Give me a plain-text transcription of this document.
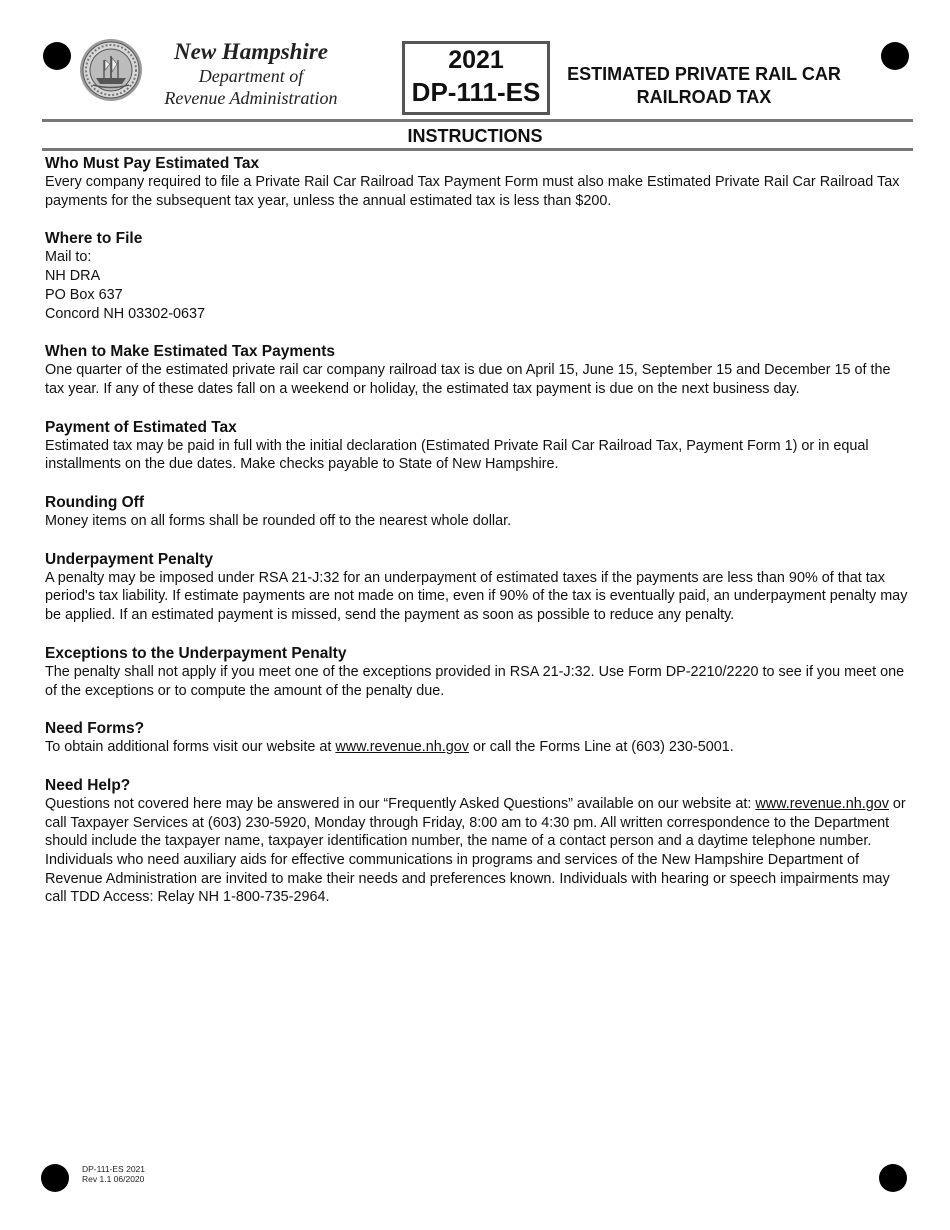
New Hampshire
Department of
Revenue Administration
2021
DP-111-ES
ESTIMATED PRIVATE RAIL CAR
RAILROAD TAX
INSTRUCTIONS
Who Must Pay Estimated Tax

Every company required to file a Private Rail Car Railroad Tax Payment Form must also make Estimated Private Rail Car Railroad Tax payments for the subsequent tax year, unless the annual estimated tax is less than $200.

Where to File

Mail to:
NH DRA
PO Box 637
Concord NH 03302-0637

When to Make Estimated Tax Payments

One quarter of the estimated private rail car company railroad tax is due on April 15, June 15, September 15 and December 15 of the tax year. If any of these dates fall on a weekend or holiday, the estimated tax payment is due on the next business day.

Payment of Estimated Tax

Estimated tax may be paid in full with the initial declaration (Estimated Private Rail Car Railroad Tax, Payment Form 1) or in equal installments on the due dates. Make checks payable to State of New Hampshire.

Rounding Off

Money items on all forms shall be rounded off to the nearest whole dollar.

Underpayment Penalty

A penalty may be imposed under RSA 21-J:32 for an underpayment of estimated taxes if the payments are less than 90% of that tax period's tax liability. If estimate payments are not made on time, even if 90% of the tax is eventually paid, an underpayment penalty may be applied. If an estimated payment is missed, send the payment as soon as possible to reduce any penalty.

Exceptions to the Underpayment Penalty

The penalty shall not apply if you meet one of the exceptions provided in RSA 21-J:32. Use Form DP-2210/2220 to see if you meet one of the exceptions or to compute the amount of the penalty due.

Need Forms?

To obtain additional forms visit our website at www.revenue.nh.gov or call the Forms Line at (603) 230-5001.

Need Help?

Questions not covered here may be answered in our “Frequently Asked Questions” available on our website at: www.revenue.nh.gov or call Taxpayer Services at (603) 230-5920, Monday through Friday, 8:00 am to 4:30 pm. All written correspondence to the Department should include the taxpayer name, taxpayer identification number, the name of a contact person and a daytime telephone number. Individuals who need auxiliary aids for effective communications in programs and services of the New Hampshire Department of Revenue Administration are invited to make their needs and preferences known. Individuals with hearing or speech impairments may call TDD Access: Relay NH 1-800-735-2964.

DP-111-ES 2021
Rev 1.1 06/2020
